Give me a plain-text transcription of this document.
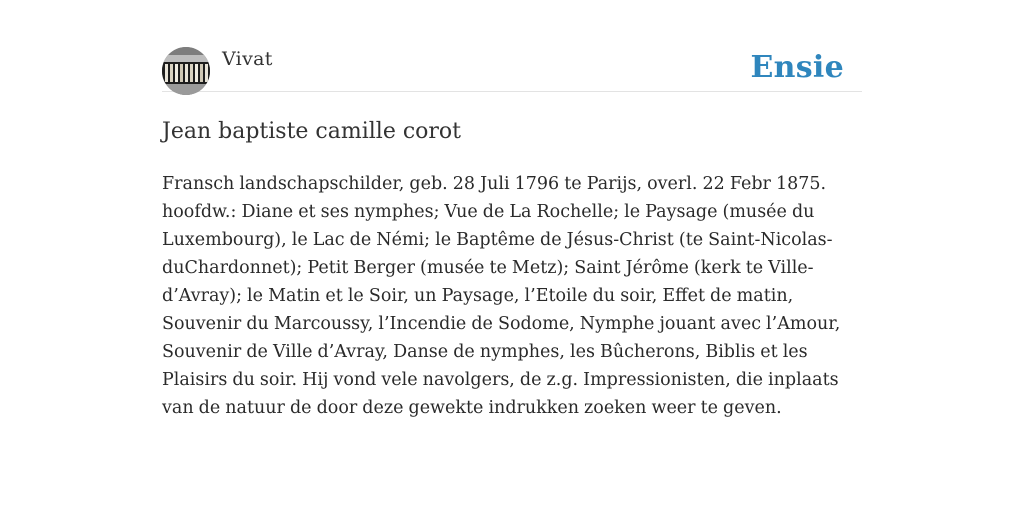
Vivat	Ensie
Jean baptiste camille corot

Fransch landschapschilder, geb. 28 Juli 1796 te Parijs, overl. 22 Febr 1875. hoofdw.: Diane et ses nymphes; Vue de La Rochelle; le Paysage (musée du Luxembourg), le Lac de Némi; le Baptême de Jésus-Christ (te Saint-Nicolas-duChardonnet); Petit Berger (musée te Metz); Saint Jérôme (kerk te Ville-d’Avray); le Matin et le Soir, un Paysage, l’Etoile du soir, Effet de matin, Souvenir du Marcoussy, l’Incendie de Sodome, Nymphe jouant avec l’Amour, Souvenir de Ville d’Avray, Danse de nymphes, les Bûcherons, Biblis et les Plaisirs du soir. Hij vond vele navolgers, de z.g. Impressionisten, die inplaats van de natuur de door deze gewekte indrukken zoeken weer te geven.
